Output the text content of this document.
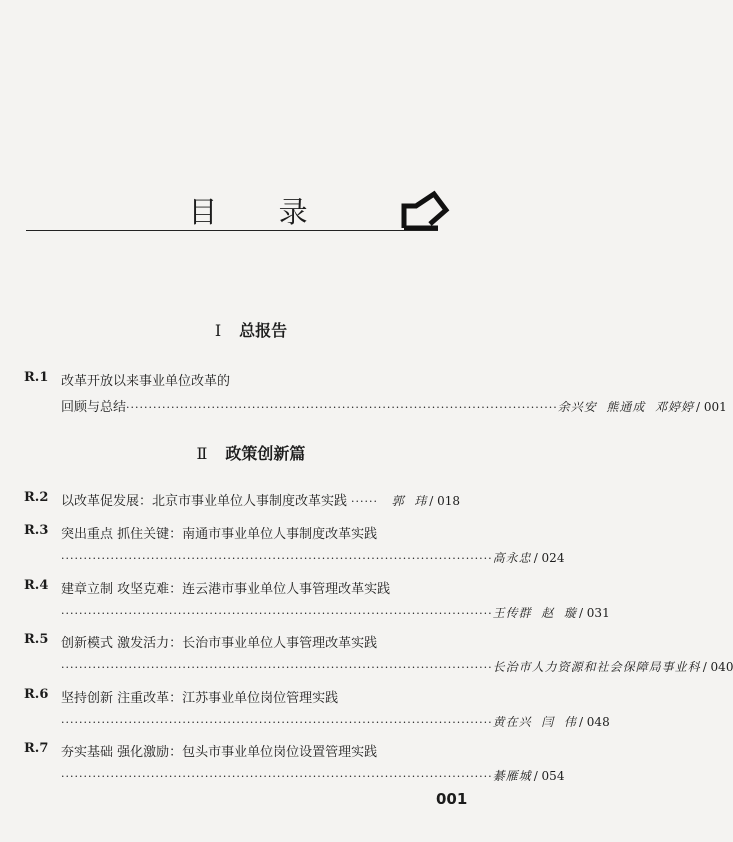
目 录
Ⅰ 总报告
R.1 改革开放以来事业单位改革的
回顾与总结 ································································································ 余兴安  熊通成  邓婷婷 / 001
Ⅱ 政策创新篇
R.2 以改革促发展：北京市事业单位人事制度改革实践 ······ 郭  玮 / 018
R.3 突出重点 抓住关键：南通市事业单位人事制度改革实践
································································································ 高永忠 / 024
R.4 建章立制 攻坚克难：连云港市事业单位人事管理改革实践
································································································ 王传群  赵  璇 / 031
R.5 创新模式 激发活力：长治市事业单位人事管理改革实践
································································································ 长治市人力资源和社会保障局事业科 / 040
R.6 坚持创新 注重改革：江苏事业单位岗位管理实践
································································································ 黄在兴  闫  伟 / 048
R.7 夯实基础 强化激励：包头市事业单位岗位设置管理实践
································································································ 綦雁城 / 054
001
